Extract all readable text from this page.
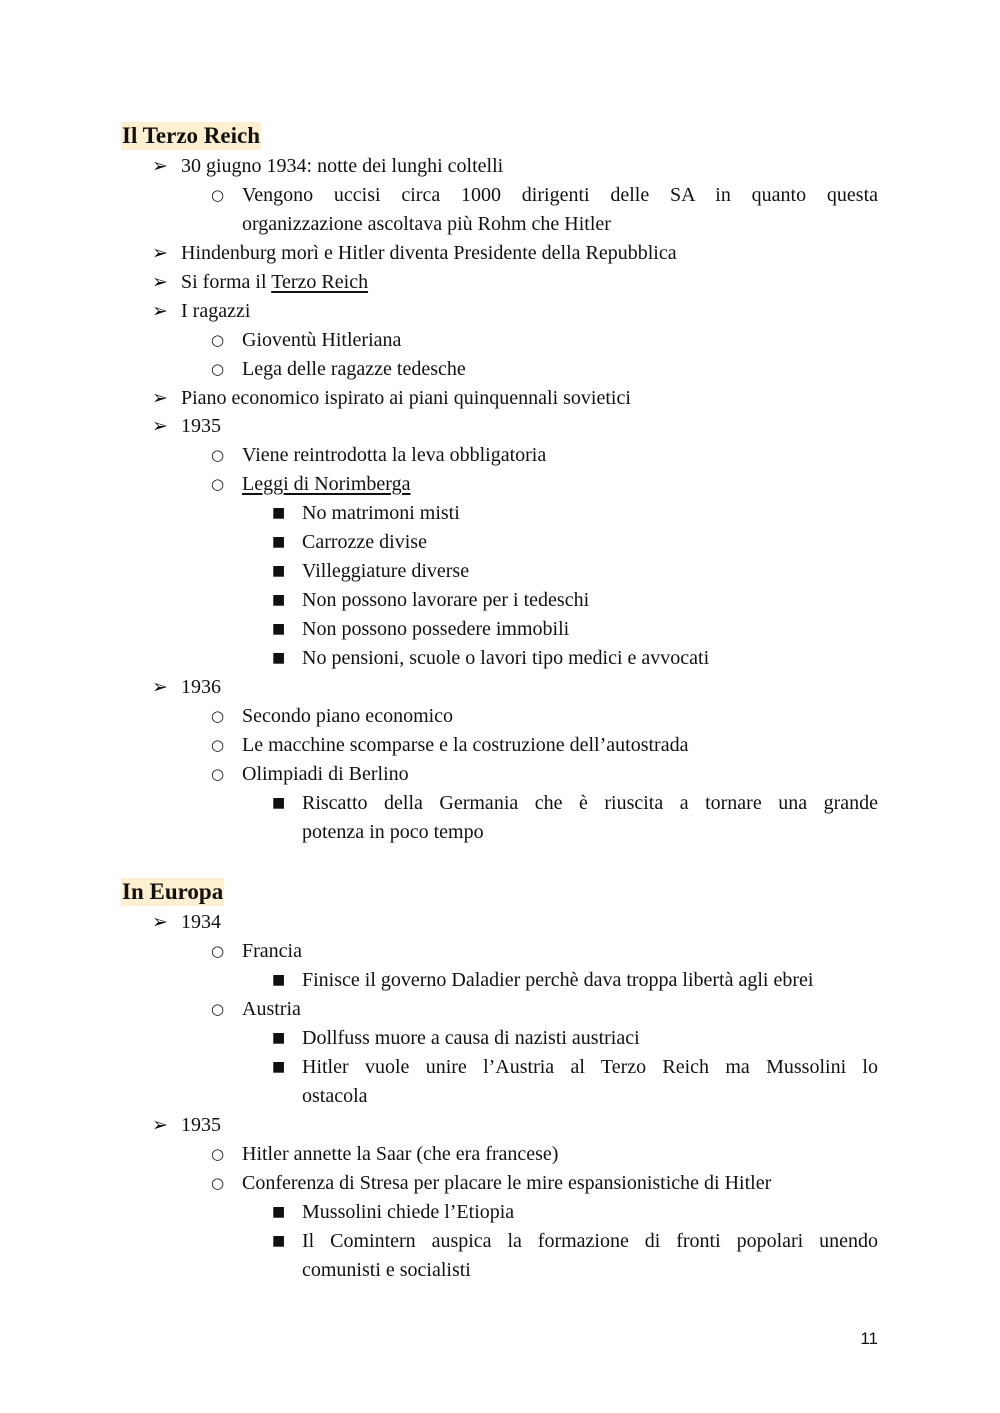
Il Terzo Reich
➢ 30 giugno 1934: notte dei lunghi coltelli
○ Vengono uccisi circa 1000 dirigenti delle SA in quanto questa
organizzazione ascoltava più Rohm che Hitler
➢ Hindenburg morì e Hitler diventa Presidente della Repubblica
➢ Si forma il Terzo Reich
➢ I ragazzi
○ Gioventù Hitleriana
○ Lega delle ragazze tedesche
➢ Piano economico ispirato ai piani quinquennali sovietici
➢ 1935
○ Viene reintrodotta la leva obbligatoria
○ Leggi di Norimberga
■ No matrimoni misti
■ Carrozze divise
■ Villeggiature diverse
■ Non possono lavorare per i tedeschi
■ Non possono possedere immobili
■ No pensioni, scuole o lavori tipo medici e avvocati
➢ 1936
○ Secondo piano economico
○ Le macchine scomparse e la costruzione dell’autostrada
○ Olimpiadi di Berlino
■ Riscatto della Germania che è riuscita a tornare una grande
potenza in poco tempo
In Europa
➢ 1934
○ Francia
■ Finisce il governo Daladier perchè dava troppa libertà agli ebrei
○ Austria
■ Dollfuss muore a causa di nazisti austriaci
■ Hitler vuole unire l’Austria al Terzo Reich ma Mussolini lo
ostacola
➢ 1935
○ Hitler annette la Saar (che era francese)
○ Conferenza di Stresa per placare le mire espansionistiche di Hitler
■ Mussolini chiede l’Etiopia
■ Il Comintern auspica la formazione di fronti popolari unendo
comunisti e socialisti
11
